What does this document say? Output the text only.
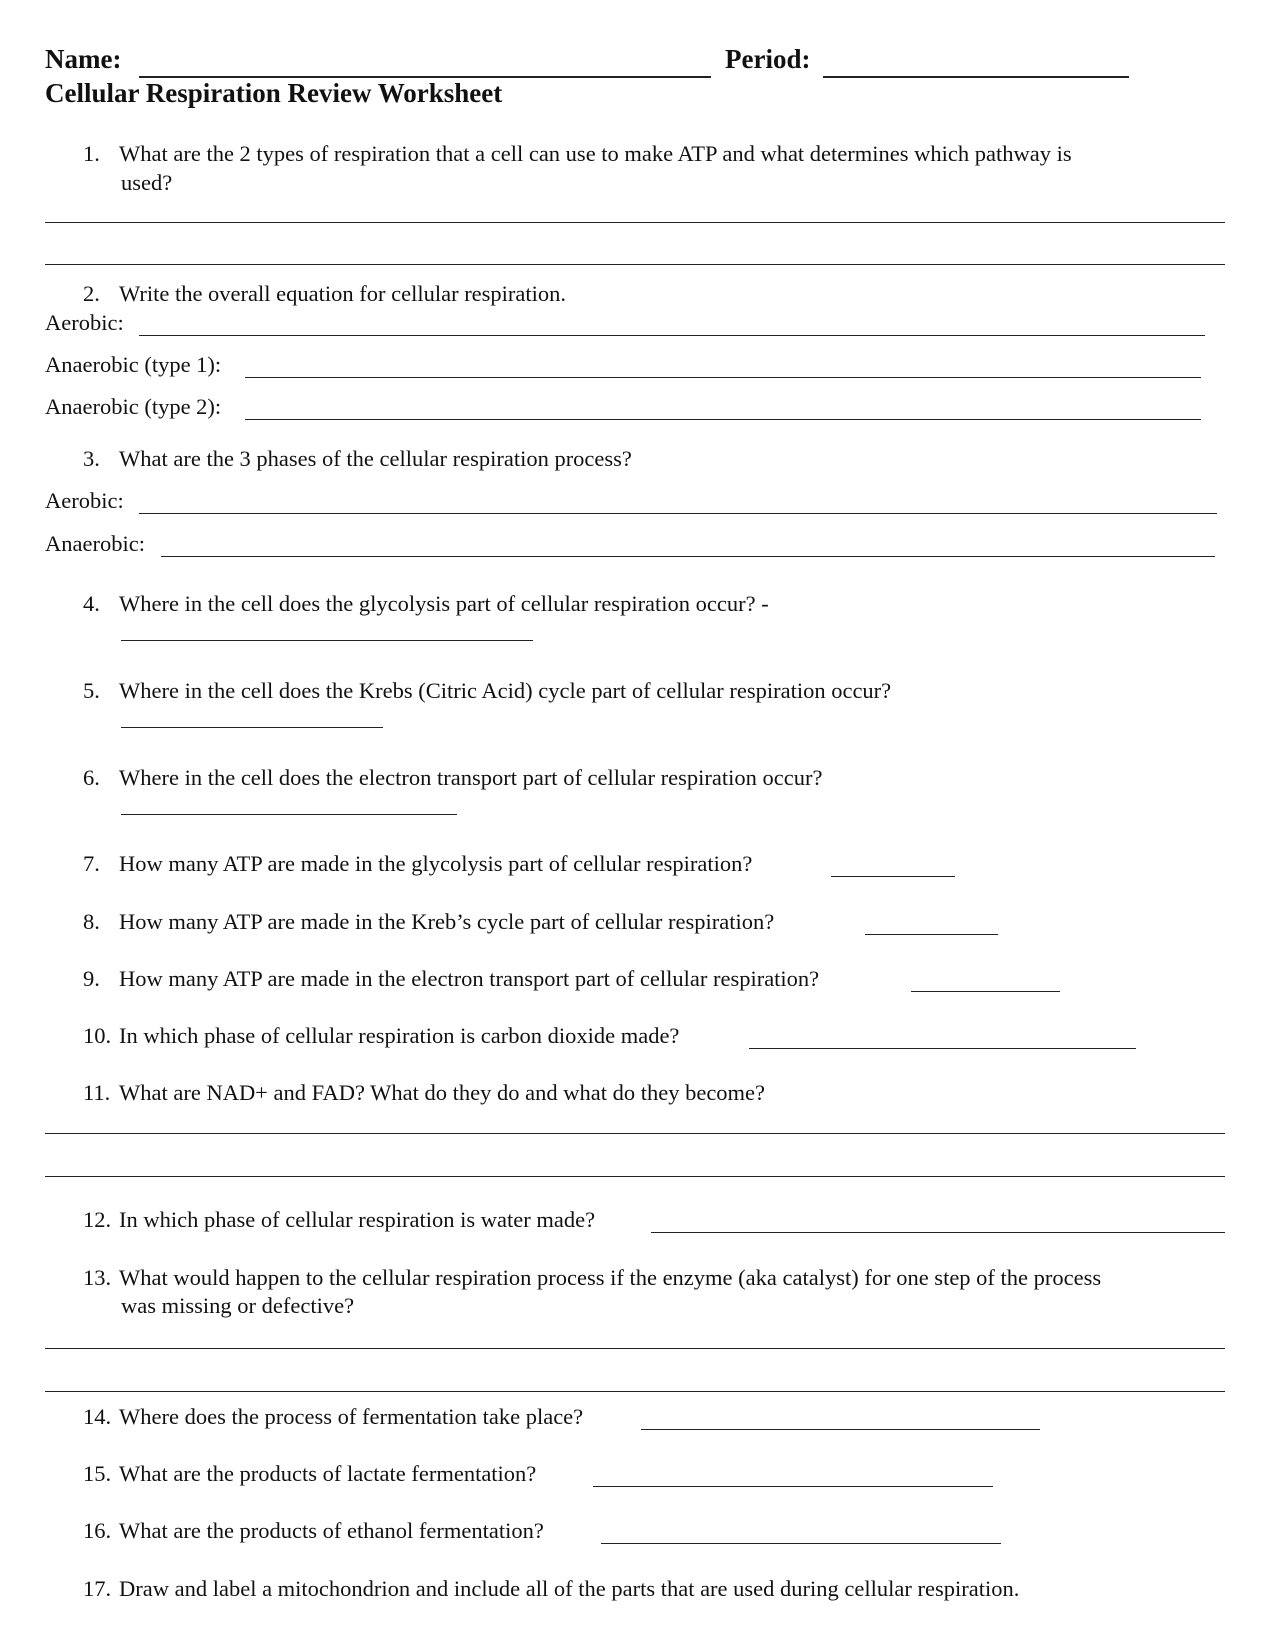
Name:	Period:
Cellular Respiration Review Worksheet
1. What are the 2 types of respiration that a cell can use to make ATP and what determines which pathway is
used?
2. Write the overall equation for cellular respiration.
Aerobic:
Anaerobic (type 1):
Anaerobic (type 2):
3. What are the 3 phases of the cellular respiration process?
Aerobic:
Anaerobic:
4. Where in the cell does the glycolysis part of cellular respiration occur? -
5. Where in the cell does the Krebs (Citric Acid) cycle part of cellular respiration occur?
6. Where in the cell does the electron transport part of cellular respiration occur?
7. How many ATP are made in the glycolysis part of cellular respiration?
8. How many ATP are made in the Kreb’s cycle part of cellular respiration?
9. How many ATP are made in the electron transport part of cellular respiration?
10. In which phase of cellular respiration is carbon dioxide made?
11. What are NAD+ and FAD? What do they do and what do they become?
12. In which phase of cellular respiration is water made?
13. What would happen to the cellular respiration process if the enzyme (aka catalyst) for one step of the process
was missing or defective?
14. Where does the process of fermentation take place?
15. What are the products of lactate fermentation?
16. What are the products of ethanol fermentation?
17. Draw and label a mitochondrion and include all of the parts that are used during cellular respiration.
